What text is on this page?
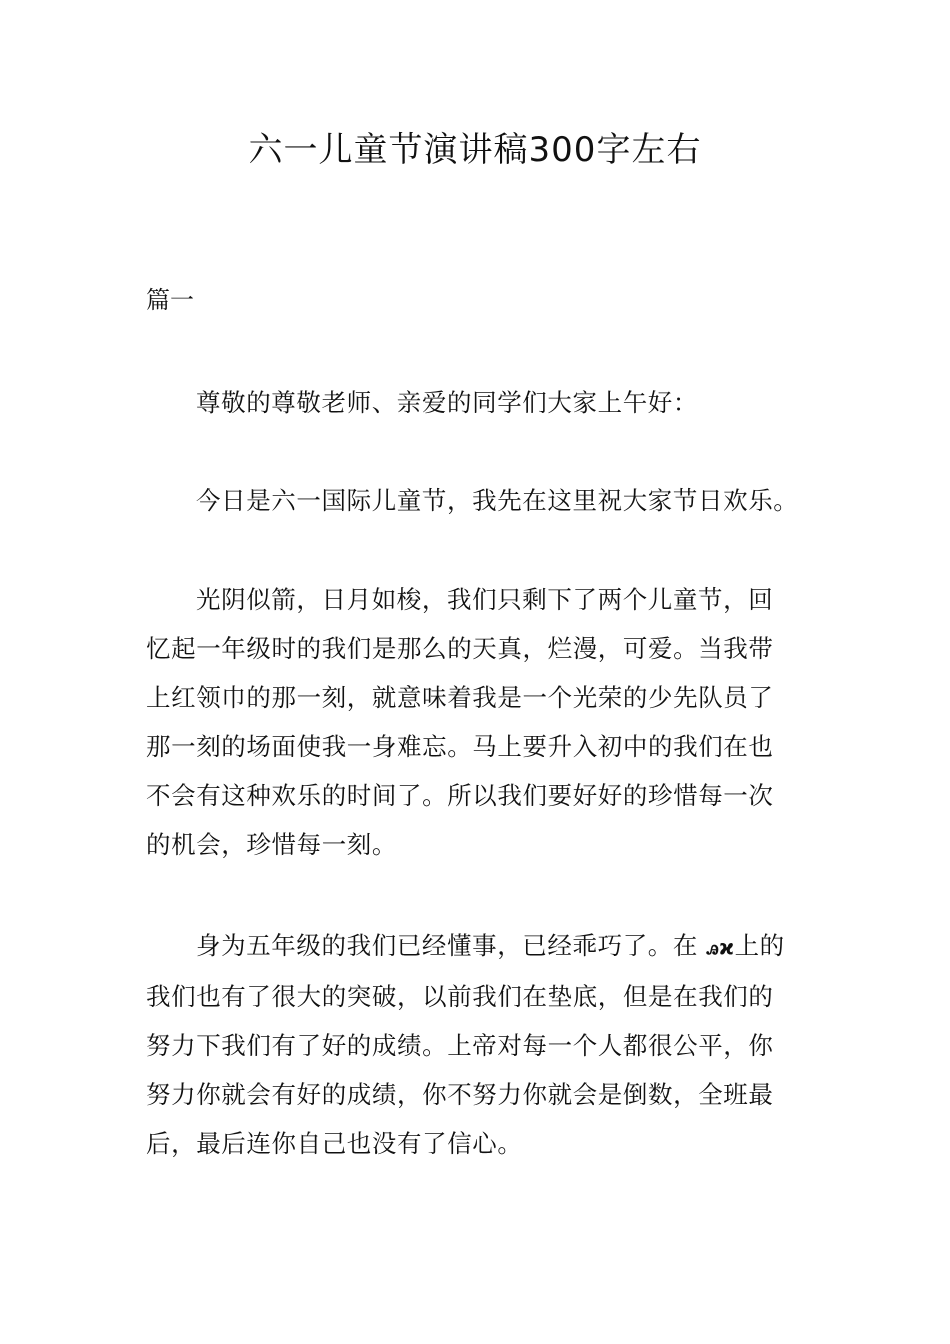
六一儿童节演讲稿300字左右
篇一
尊敬的尊敬老师、亲爱的同学们大家上午好：
今日是六一国际儿童节，我先在这里祝大家节日欢乐。
光阴似箭，日月如梭，我们只剩下了两个儿童节，回
忆起一年级时的我们是那么的天真，烂漫，可爱。当我带
上红领巾的那一刻，就意味着我是一个光荣的少先队员了
那一刻的场面使我一身难忘。马上要升入初中的我们在也
不会有这种欢乐的时间了。所以我们要好好的珍惜每一次
的机会，珍惜每一刻。
身为五年级的我们已经懂事，已经乖巧了。在 ꭿϰ上的
我们也有了很大的突破，以前我们在垫底，但是在我们的
努力下我们有了好的成绩。上帝对每一个人都很公平，你
努力你就会有好的成绩，你不努力你就会是倒数，全班最
后，最后连你自己也没有了信心。
